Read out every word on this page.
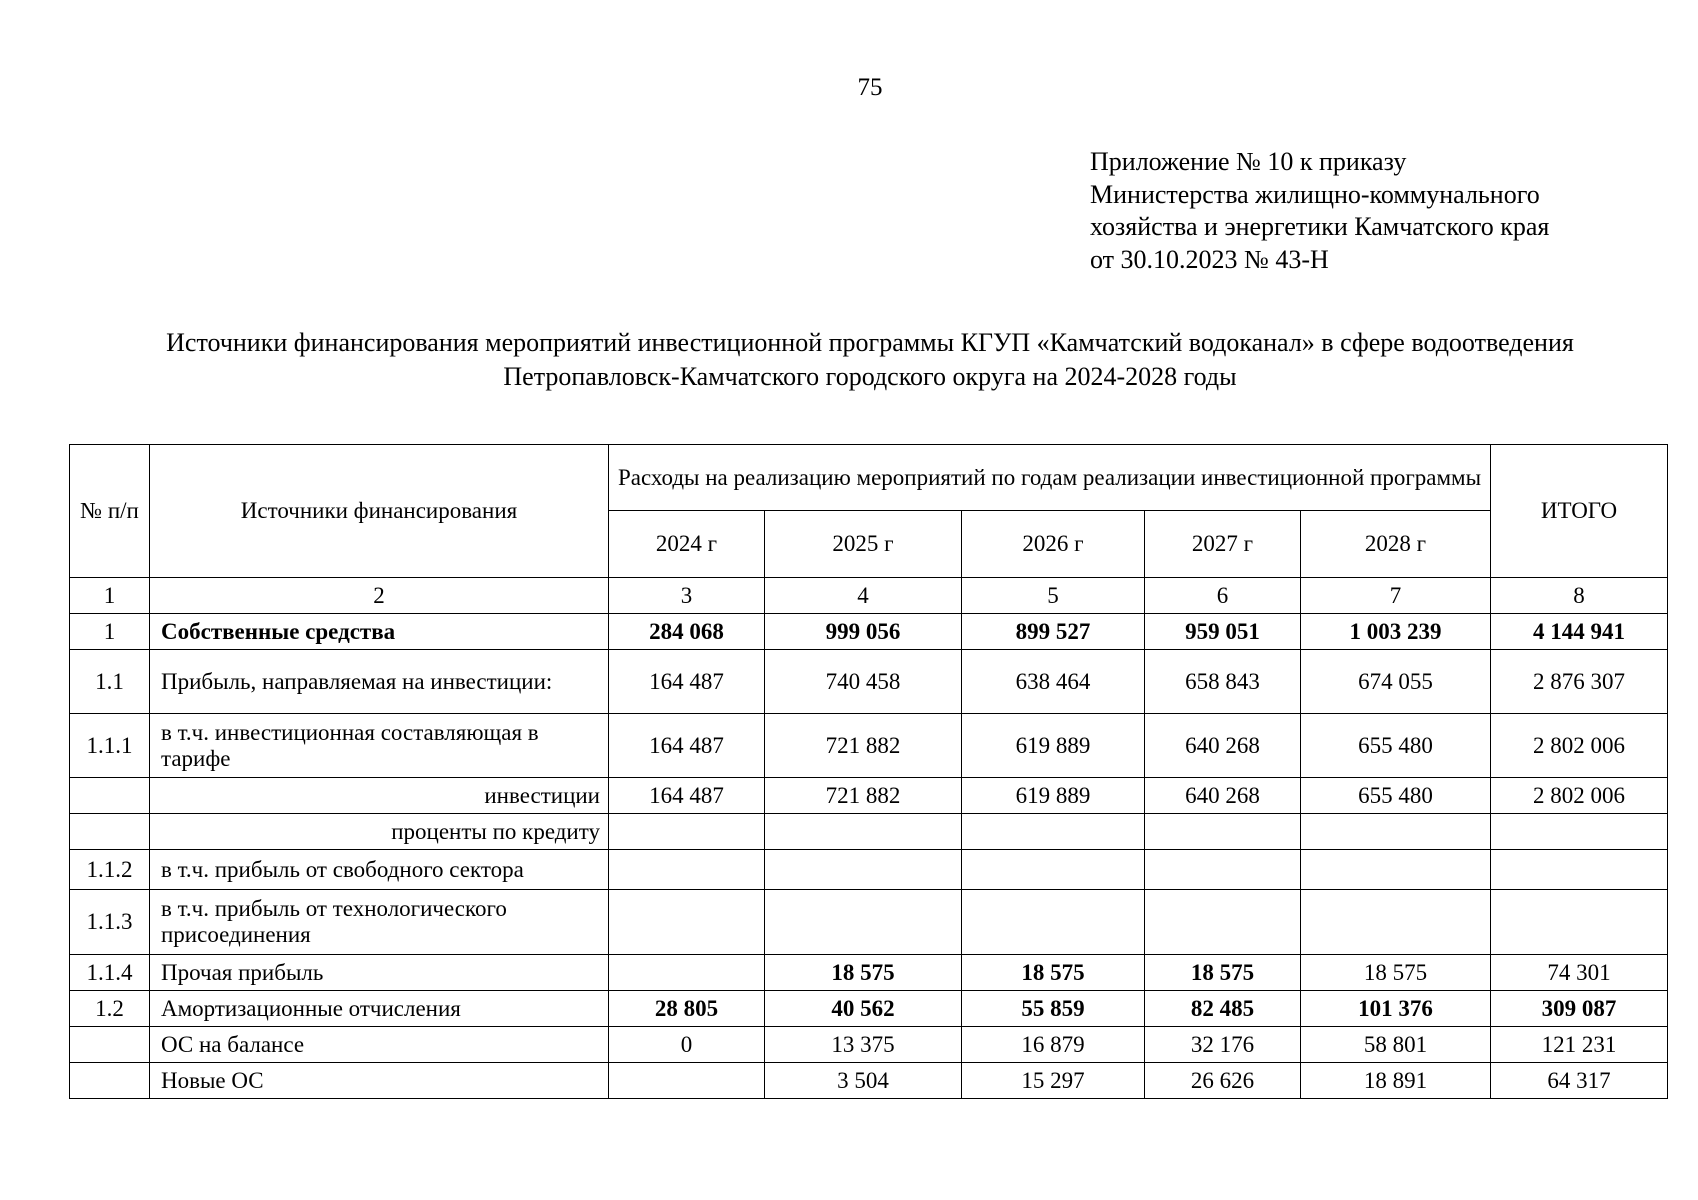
75
Приложение № 10 к приказу
Министерства жилищно-коммунального
хозяйства и энергетики Камчатского края
от 30.10.2023 № 43-Н
Источники финансирования мероприятий инвестиционной программы КГУП «Камчатский водоканал» в сфере водоотведения
Петропавловск-Камчатского городского округа на 2024-2028 годы
№ п/п	Источники финансирования	Расходы на реализацию мероприятий по годам реализации инвестиционной программы					ИТОГО
		2024 г	2025 г	2026 г	2027 г	2028 г	
1	2	3	4	5	6	7	8
1	Собственные средства	284 068	999 056	899 527	959 051	1 003 239	4 144 941
1.1	Прибыль, направляемая на инвестиции:	164 487	740 458	638 464	658 843	674 055	2 876 307
1.1.1	в т.ч. инвестиционная составляющая в тарифе	164 487	721 882	619 889	640 268	655 480	2 802 006
	инвестиции	164 487	721 882	619 889	640 268	655 480	2 802 006
	проценты по кредиту						
1.1.2	в т.ч. прибыль от свободного сектора						
1.1.3	в т.ч. прибыль от технологического присоединения						
1.1.4	Прочая прибыль		18 575	18 575	18 575	18 575	74 301
1.2	Амортизационные отчисления	28 805	40 562	55 859	82 485	101 376	309 087
	ОС на балансе	0	13 375	16 879	32 176	58 801	121 231
	Новые ОС		3 504	15 297	26 626	18 891	64 317
